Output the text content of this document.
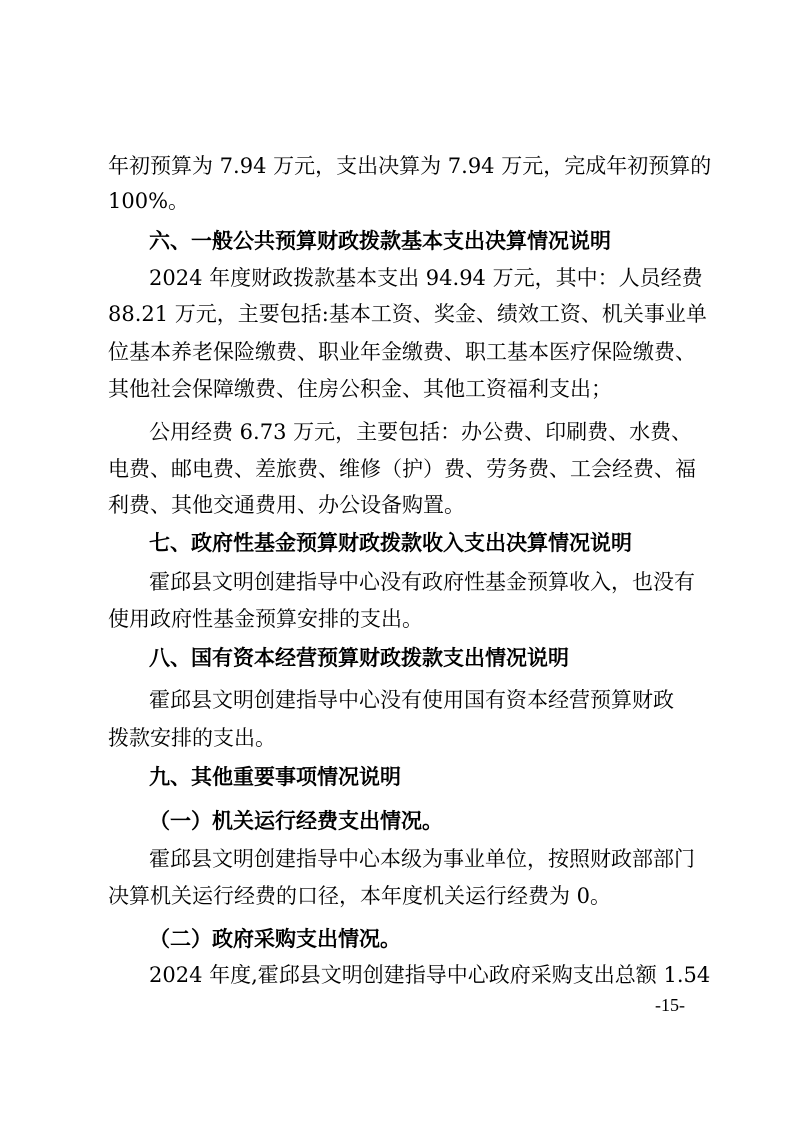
年初预算为 7.94 万元，支出决算为 7.94 万元，完成年初预算的
100%。
六、一般公共预算财政拨款基本支出决算情况说明
2024 年度财政拨款基本支出 94.94 万元，其中：人员经费
88.21 万元，主要包括:基本工资、奖金、绩效工资、机关事业单
位基本养老保险缴费、职业年金缴费、职工基本医疗保险缴费、
其他社会保障缴费、住房公积金、其他工资福利支出；
公用经费 6.73 万元，主要包括：办公费、印刷费、水费、
电费、邮电费、差旅费、维修（护）费、劳务费、工会经费、福
利费、其他交通费用、办公设备购置。
七、政府性基金预算财政拨款收入支出决算情况说明
霍邱县文明创建指导中心没有政府性基金预算收入，也没有
使用政府性基金预算安排的支出。
八、国有资本经营预算财政拨款支出情况说明
霍邱县文明创建指导中心没有使用国有资本经营预算财政
拨款安排的支出。
九、其他重要事项情况说明
（一）机关运行经费支出情况。
霍邱县文明创建指导中心本级为事业单位，按照财政部部门
决算机关运行经费的口径，本年度机关运行经费为 0。
（二）政府采购支出情况。
2024 年度,霍邱县文明创建指导中心政府采购支出总额 1.54
-15-
